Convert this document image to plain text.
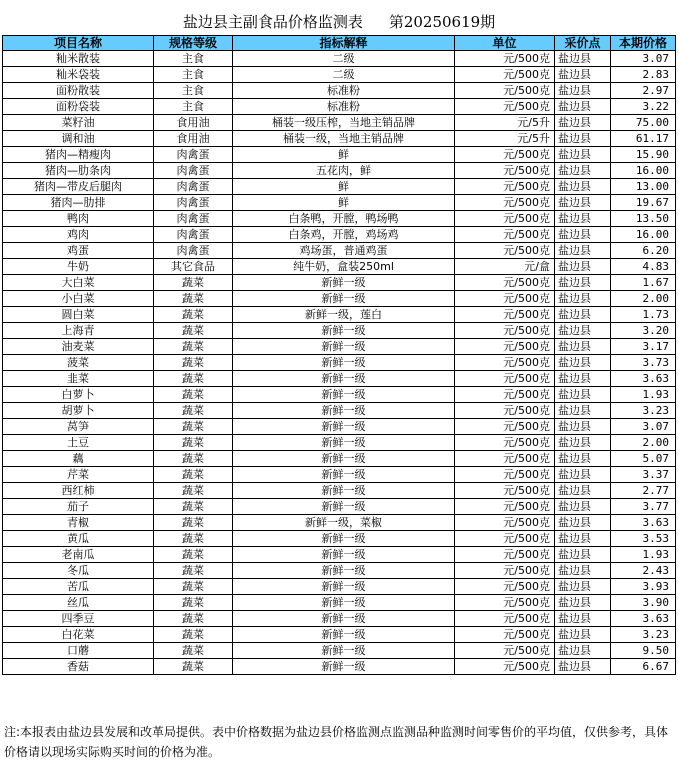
盐边县主副食品价格监测表 第20250619期
项目名称	规格等级	指标解释	单位	采价点	本期价格
籼米散装	主食	二级	元/500克	盐边县	3.07
籼米袋装	主食	二级	元/500克	盐边县	2.83
面粉散装	主食	标准粉	元/500克	盐边县	2.97
面粉袋装	主食	标准粉	元/500克	盐边县	3.22
菜籽油	食用油	桶装一级压榨，当地主销品牌	元/5升	盐边县	75.00
调和油	食用油	桶装一级，当地主销品牌	元/5升	盐边县	61.17
猪肉—精瘦肉	肉禽蛋	鲜	元/500克	盐边县	15.90
猪肉—肋条肉	肉禽蛋	五花肉，鲜	元/500克	盐边县	16.00
猪肉—带皮后腿肉	肉禽蛋	鲜	元/500克	盐边县	13.00
猪肉—肋排	肉禽蛋	鲜	元/500克	盐边县	19.67
鸭肉	肉禽蛋	白条鸭，开膛，鸭场鸭	元/500克	盐边县	13.50
鸡肉	肉禽蛋	白条鸡，开膛，鸡场鸡	元/500克	盐边县	16.00
鸡蛋	肉禽蛋	鸡场蛋，普通鸡蛋	元/500克	盐边县	6.20
牛奶	其它食品	纯牛奶，盒装250ml	元/盒	盐边县	4.83
大白菜	蔬菜	新鲜一级	元/500克	盐边县	1.67
小白菜	蔬菜	新鲜一级	元/500克	盐边县	2.00
圆白菜	蔬菜	新鲜一级，莲白	元/500克	盐边县	1.73
上海青	蔬菜	新鲜一级	元/500克	盐边县	3.20
油麦菜	蔬菜	新鲜一级	元/500克	盐边县	3.17
菠菜	蔬菜	新鲜一级	元/500克	盐边县	3.73
韭菜	蔬菜	新鲜一级	元/500克	盐边县	3.63
白萝卜	蔬菜	新鲜一级	元/500克	盐边县	1.93
胡萝卜	蔬菜	新鲜一级	元/500克	盐边县	3.23
莴笋	蔬菜	新鲜一级	元/500克	盐边县	3.07
土豆	蔬菜	新鲜一级	元/500克	盐边县	2.00
藕	蔬菜	新鲜一级	元/500克	盐边县	5.07
芹菜	蔬菜	新鲜一级	元/500克	盐边县	3.37
西红柿	蔬菜	新鲜一级	元/500克	盐边县	2.77
茄子	蔬菜	新鲜一级	元/500克	盐边县	3.77
青椒	蔬菜	新鲜一级，菜椒	元/500克	盐边县	3.63
黄瓜	蔬菜	新鲜一级	元/500克	盐边县	3.53
老南瓜	蔬菜	新鲜一级	元/500克	盐边县	1.93
冬瓜	蔬菜	新鲜一级	元/500克	盐边县	2.43
苦瓜	蔬菜	新鲜一级	元/500克	盐边县	3.93
丝瓜	蔬菜	新鲜一级	元/500克	盐边县	3.90
四季豆	蔬菜	新鲜一级	元/500克	盐边县	3.63
白花菜	蔬菜	新鲜一级	元/500克	盐边县	3.23
口蘑	蔬菜	新鲜一级	元/500克	盐边县	9.50
香菇	蔬菜	新鲜一级	元/500克	盐边县	6.67
注:本报表由盐边县发展和改革局提供。表中价格数据为盐边县价格监测点监测品种监测时间零售价的平均值，仅供参考，具体价格请以现场实际购买时间的价格为准。
